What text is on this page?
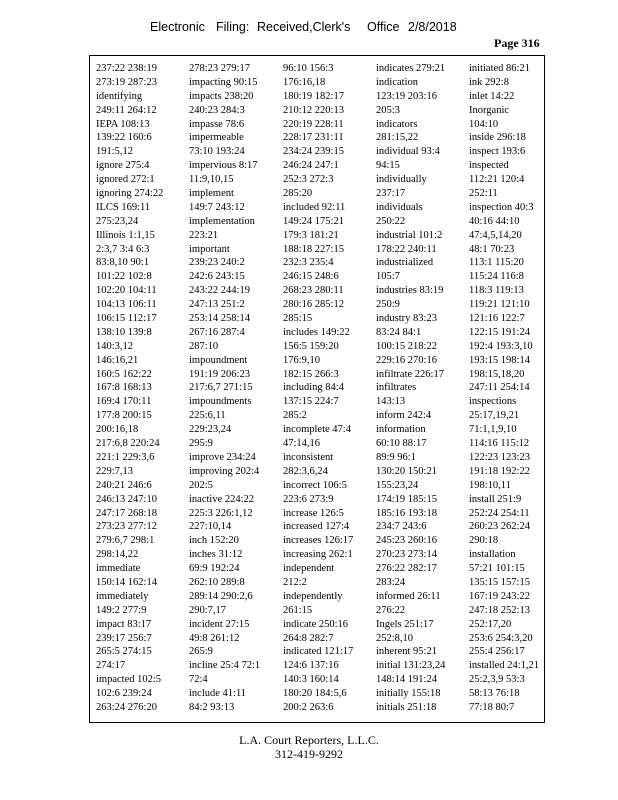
Electronic Filing: Received,Clerk's Office 2/8/2018
Page 316
237:22 238:19
273:19 287:23
identifying
249:11 264:12
IEPA 108:13
139:22 160:6
191:5,12
ignore 275:4
ignored 272:1
ignoring 274:22
ILCS 169:11
275:23,24
Illinois 1:1,15
2:3,7 3:4 6:3
83:8,10 90:1
101:22 102:8
102:20 104:11
104:13 106:11
106:15 112:17
138:10 139:8
140:3,12
146:16,21
160:5 162:22
167:8 168:13
169:4 170:11
177:8 200:15
200:16,18
217:6,8 220:24
221:1 229:3,6
229:7,13
240:21 246:6
246:13 247:10
247:17 268:18
273:23 277:12
279:6,7 298:1
298:14,22
immediate
150:14 162:14
immediately
149:2 277:9
impact 83:17
239:17 256:7
265:5 274:15
274:17
impacted 102:5
102:6 239:24
263:24 276:20
278:23 279:17
impacting 90:15
impacts 238:20
240:23 284:3
impasse 78:6
impermeable
73:10 193:24
impervious 8:17
11:9,10,15
implement
149:7 243:12
implementation
223:21
important
239:23 240:2
242:6 243:15
243:22 244:19
247:13 251:2
253:14 258:14
267:16 287:4
287:10
impoundment
191:19 206:23
217:6,7 271:15
impoundments
225:6,11
229:23,24
295:9
improve 234:24
improving 202:4
202:5
inactive 224:22
225:3 226:1,12
227:10,14
inch 152:20
inches 31:12
69:9 192:24
262:10 289:8
289:14 290:2,6
290:7,17
incident 27:15
49:8 261:12
265:9
incline 25:4 72:1
72:4
include 41:11
84:2 93:13
96:10 156:3
176:16,18
180:19 182:17
210:12 220:13
220:19 228:11
228:17 231:11
234:24 239:15
246:24 247:1
252:3 272:3
285:20
included 92:11
149:24 175:21
179:3 181:21
188:18 227:15
232:3 235:4
246:15 248:6
268:23 280:11
280:16 285:12
285:15
includes 149:22
156:5 159:20
176:9,10
182:15 266:3
including 84:4
137:15 224:7
285:2
incomplete 47:4
47:14,16
inconsistent
282:3,6,24
incorrect 106:5
223:6 273:9
increase 126:5
increased 127:4
increases 126:17
increasing 262:1
independent
212:2
independently
261:15
indicate 250:16
264:8 282:7
indicated 121:17
124:6 137:16
140:3 160:14
180:20 184:5,6
200:2 263:6
indicates 279:21
indication
123:19 203:16
205:3
indicators
281:15,22
individual 93:4
94:15
individually
237:17
individuals
250:22
industrial 101:2
178:22 240:11
industrialized
105:7
industries 83:19
250:9
industry 83:23
83:24 84:1
100:15 218:22
229:16 270:16
infiltrate 226:17
infiltrates
143:13
inform 242:4
information
60:10 88:17
89:9 96:1
130:20 150:21
155:23,24
174:19 185:15
185:16 193:18
234:7 243:6
245:23 260:16
270:23 273:14
276:22 282:17
283:24
informed 26:11
276:22
Ingels 251:17
252:8,10
inherent 95:21
initial 131:23,24
148:14 191:24
initially 155:18
initials 251:18
initiated 86:21
ink 292:8
inlet 14:22
Inorganic
104:10
inside 296:18
inspect 193:6
inspected
112:21 120:4
252:11
inspection 40:3
40:16 44:10
47:4,5,14,20
48:1 70:23
113:1 115:20
115:24 116:8
118:3 119:13
119:21 121:10
121:16 122:7
122:15 191:24
192:4 193:3,10
193:15 198:14
198:15,18,20
247:11 254:14
inspections
25:17,19,21
71:1,1,9,10
114:16 115:12
122:23 123:23
191:18 192:22
198:10,11
install 251:9
252:24 254:11
260:23 262:24
290:18
installation
57:21 101:15
135:15 157:15
167:19 243:22
247:18 252:13
252:17,20
253:6 254:3,20
255:4 256:17
installed 24:1,21
25:2,3,9 53:3
58:13 76:18
77:18 80:7
L.A. Court Reporters, L.L.C.
312-419-9292
